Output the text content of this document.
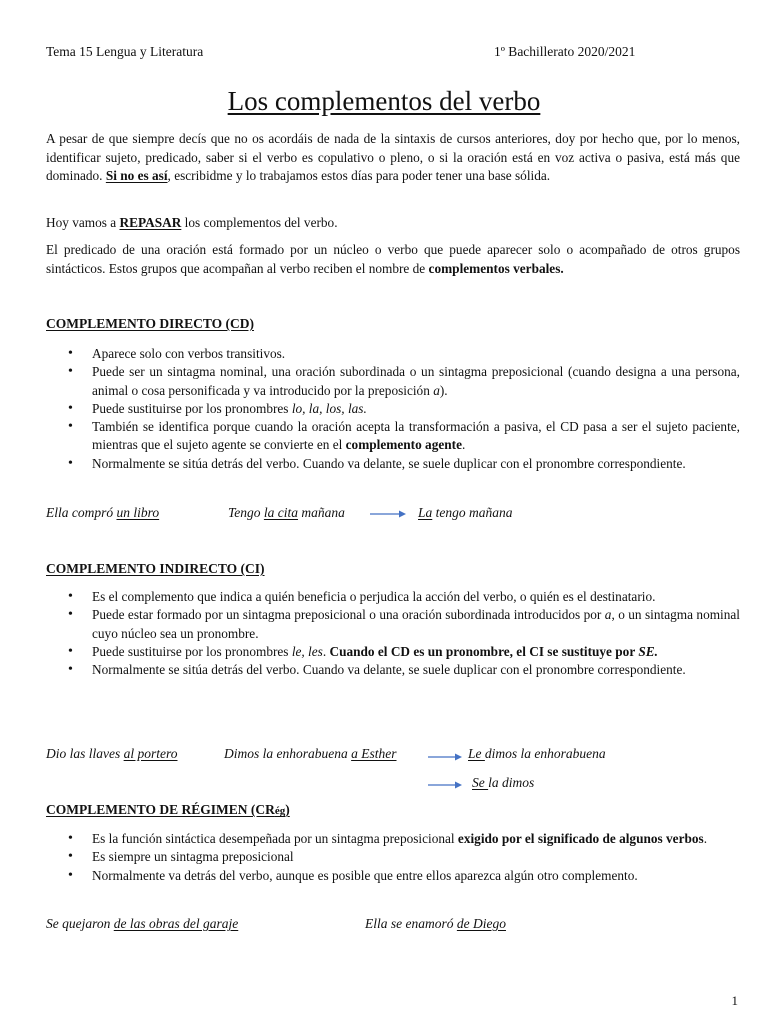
Tema 15 Lengua y Literatura	1º Bachillerato 2020/2021
Los complementos del verbo
A pesar de que siempre decís que no os acordáis de nada de la sintaxis de cursos anteriores, doy por hecho que, por lo menos, identificar sujeto, predicado, saber si el verbo es copulativo o pleno, o si la oración está en voz activa o pasiva, está más que dominado. Si no es así, escribidme y lo trabajamos estos días para poder tener una base sólida.
Hoy vamos a REPASAR los complementos del verbo.
El predicado de una oración está formado por un núcleo o verbo que puede aparecer solo o acompañado de otros grupos sintácticos. Estos grupos que acompañan al verbo reciben el nombre de complementos verbales.
COMPLEMENTO DIRECTO (CD)
• Aparece solo con verbos transitivos.
• Puede ser un sintagma nominal, una oración subordinada o un sintagma preposicional (cuando designa a una persona, animal o cosa personificada y va introducido por la preposición a).
• Puede sustituirse por los pronombres lo, la, los, las.
• También se identifica porque cuando la oración acepta la transformación a pasiva, el CD pasa a ser el sujeto paciente, mientras que el sujeto agente se convierte en el complemento agente.
• Normalmente se sitúa detrás del verbo. Cuando va delante, se suele duplicar con el pronombre correspondiente.
Ella compró un libro	Tengo la cita mañana	La tengo mañana
COMPLEMENTO INDIRECTO (CI)
• Es el complemento que indica a quién beneficia o perjudica la acción del verbo, o quién es el destinatario.
• Puede estar formado por un sintagma preposicional o una oración subordinada introducidos por a, o un sintagma nominal cuyo núcleo sea un pronombre.
• Puede sustituirse por los pronombres le, les. Cuando el CD es un pronombre, el CI se sustituye por SE.
• Normalmente se sitúa detrás del verbo. Cuando va delante, se suele duplicar con el pronombre correspondiente.
Dio las llaves al portero	Dimos la enhorabuena a Esther	Le dimos la enhorabuena
Se la dimos
COMPLEMENTO DE RÉGIMEN (CRég)
• Es la función sintáctica desempeñada por un sintagma preposicional exigido por el significado de algunos verbos.
• Es siempre un sintagma preposicional
• Normalmente va detrás del verbo, aunque es posible que entre ellos aparezca algún otro complemento.
Se quejaron de las obras del garaje	Ella se enamoró de Diego
1
